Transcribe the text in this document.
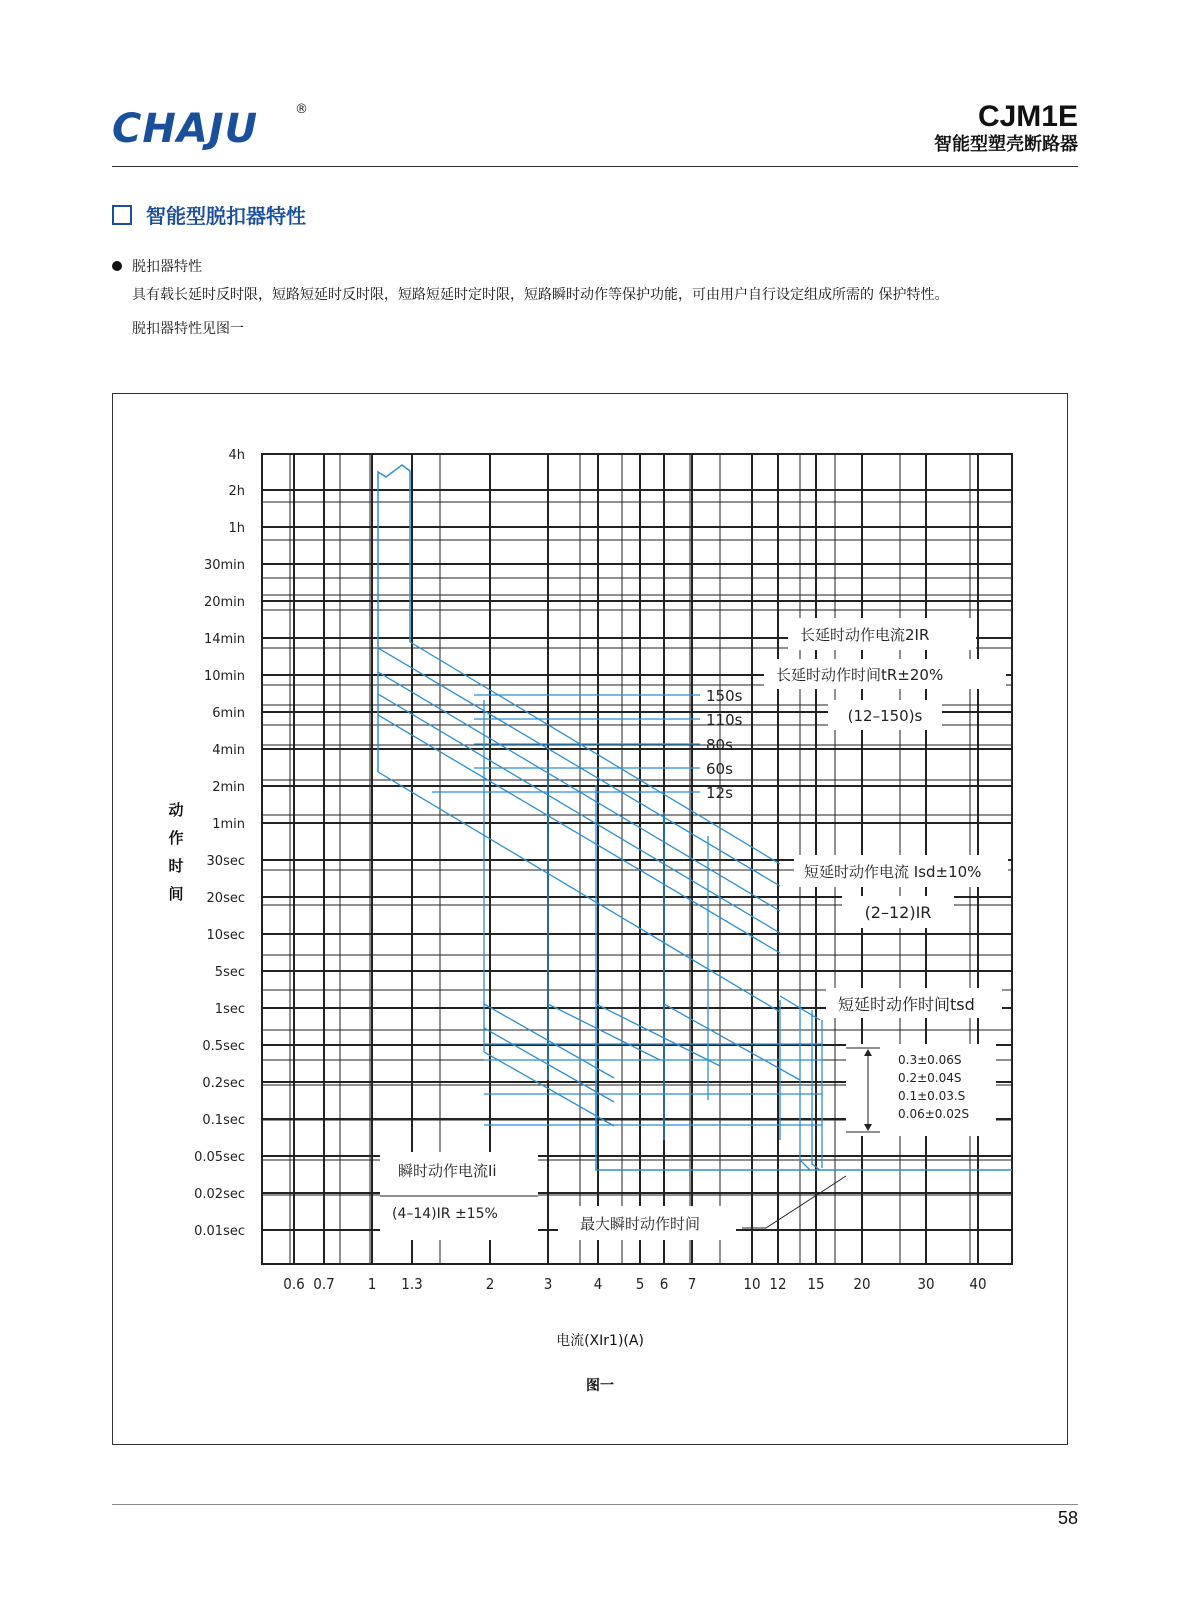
CHAJU	®	CJM1E
智能型塑壳断路器
智能型脱扣器特性
脱扣器特性
具有载长延时反时限，短路短延时反时限，短路短延时定时限，短路瞬时动作等保护功能，可由用户自行设定组成所需的 保护特性。
脱扣器特性见图一
4h
2h
1h
30min
20min
14min
10min
6min
4min
2min
1min
30sec
20sec
10sec
5sec
1sec
0.5sec
0.2sec
0.1sec
0.05sec
0.02sec
0.01sec
0.6 0.7 1 1.3	2	3	4 5 6 7	10 12 15 20	30 40
电流(XIr1)(A)
动
作
时
间
图一
150s
110s
80s
60s
12s
长延时动作电流2IR
长延时动作时间tR±20%
(12–150)s
短延时动作电流 Isd±10%
(2–12)IR
短延时动作时间tsd
0.3±0.06S
0.2±0.04S
0.1±0.03.S
0.06±0.02S
瞬时动作电流Ii
(4–14)IR ±15%
最大瞬时动作时间
58
